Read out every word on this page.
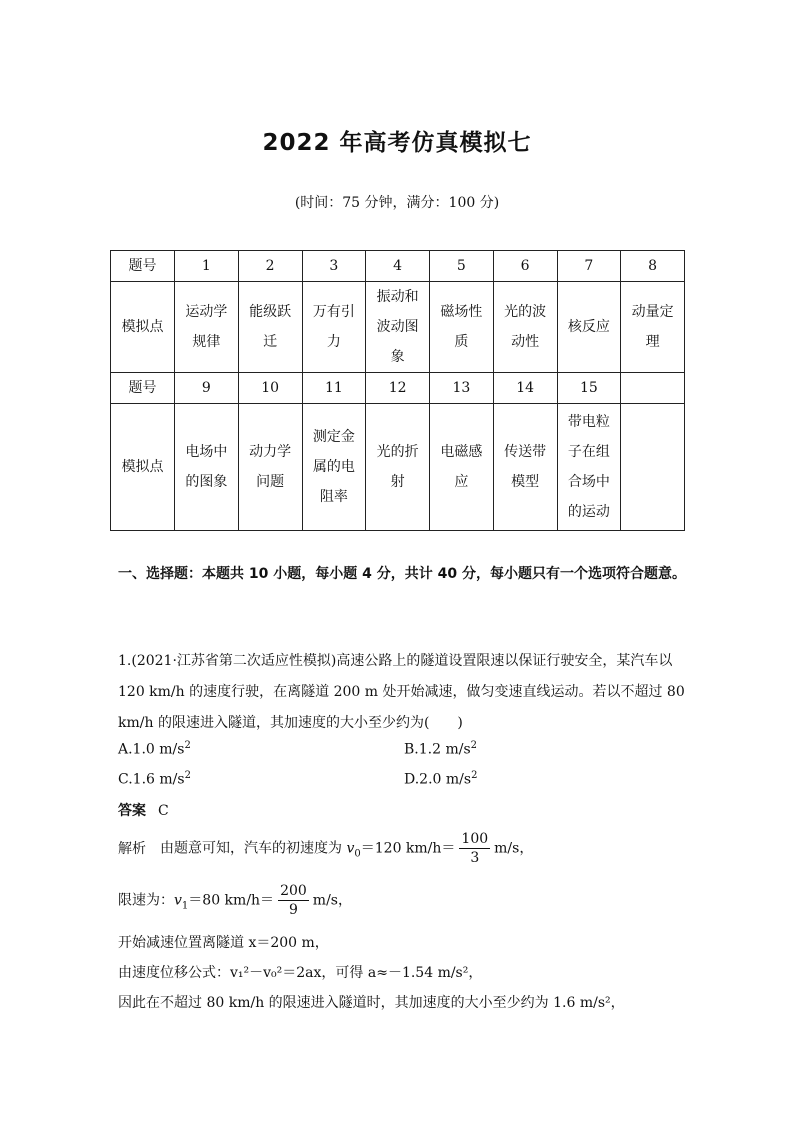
2022 年高考仿真模拟七
(时间：75 分钟，满分：100 分)
题号	1	2	3	4	5	6	7	8
模拟点	运动学规律	能级跃迁	万有引力	振动和波动图象	磁场性质	光的波动性	核反应	动量定理
题号	9	10	11	12	13	14	15	
模拟点	电场中的图象	动力学问题	测定金属的电阻率	光的折射	电磁感应	传送带模型	带电粒子在组合场中的运动	
一、选择题：本题共 10 小题，每小题 4 分，共计 40 分，每小题只有一个选项符合题意。
1.(2021·江苏省第二次适应性模拟)高速公路上的隧道设置限速以保证行驶安全，某汽车以 120 km/h 的速度行驶，在离隧道 200 m 处开始减速，做匀变速直线运动。若以不超过 80 km/h 的限速进入隧道，其加速度的大小至少约为(　　)
A.1.0 $m/s^2$	B.1.2 $m/s^2$
C.1.6 $m/s^2$	D.2.0 $m/s^2$
答案 C
解析 由题意可知，汽车的初速度为 $v_0=120$ $km/h= \frac{100}{3} m/s$，
限速为：$v_1=80$ $km/h= \frac{200}{9} m/s$，
开始减速位置离隧道 x＝200 m，
由速度位移公式：v₁²－v₀²＝2ax，可得 a≈－1.54 m/s²，
因此在不超过 80 km/h 的限速进入隧道时，其加速度的大小至少约为 1.6 m/s²，
